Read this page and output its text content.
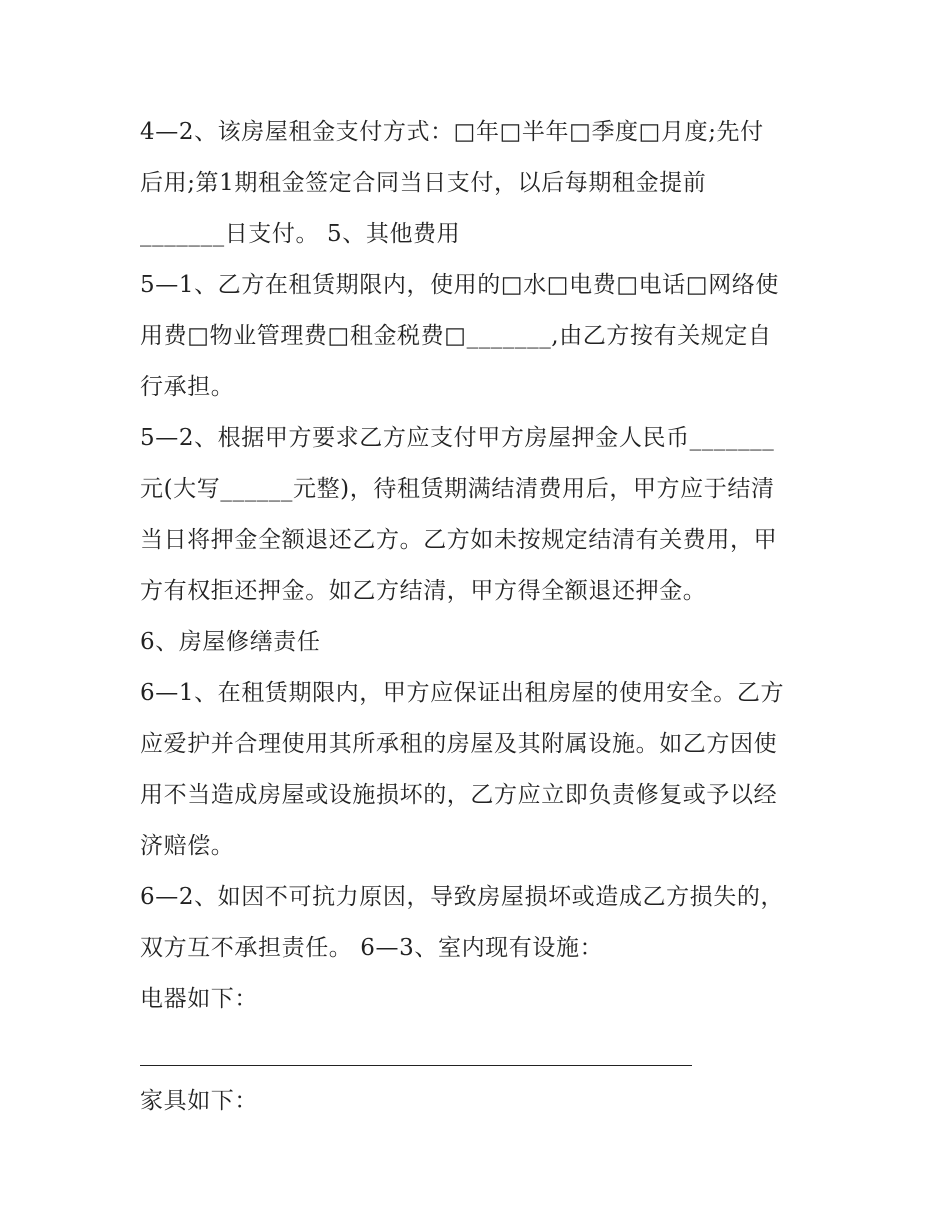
4—2、该房屋租金支付方式：□年□半年□季度□月度;先付
后用;第1期租金签定合同当日支付，以后每期租金提前
_______日支付。 5、其他费用
5—1、乙方在租赁期限内，使用的□水□电费□电话□网络使
用费□物业管理费□租金税费□_______,由乙方按有关规定自
行承担。
5—2、根据甲方要求乙方应支付甲方房屋押金人民币_______
元(大写______元整)，待租赁期满结清费用后，甲方应于结清
当日将押金全额退还乙方。乙方如未按规定结清有关费用，甲
方有权拒还押金。如乙方结清，甲方得全额退还押金。
6、房屋修缮责任
6—1、在租赁期限内，甲方应保证出租房屋的使用安全。乙方
应爱护并合理使用其所承租的房屋及其附属设施。如乙方因使
用不当造成房屋或设施损坏的，乙方应立即负责修复或予以经
济赔偿。
6—2、如因不可抗力原因，导致房屋损坏或造成乙方损失的，
双方互不承担责任。 6—3、室内现有设施：
电器如下：
家具如下：
